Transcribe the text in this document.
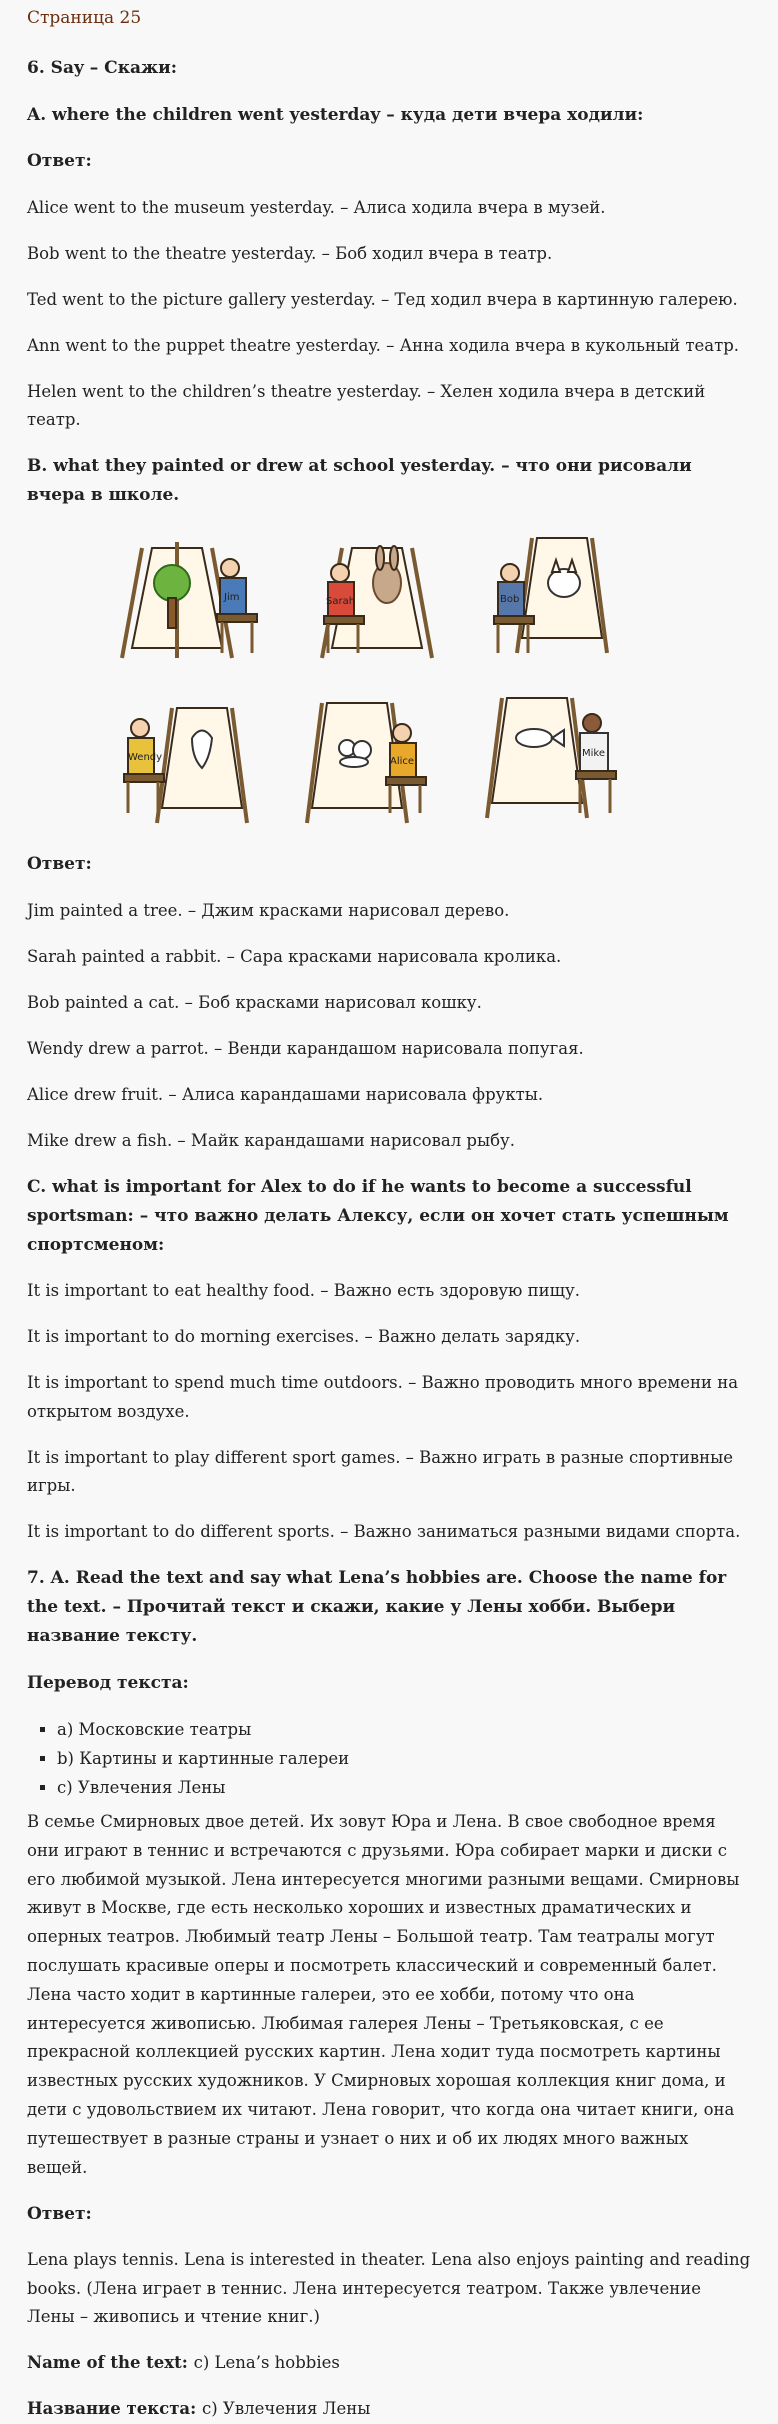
Страница 25

6. Say – Скажи:

A. where the children went yesterday – куда дети вчера ходили:

Ответ:

Alice went to the museum yesterday. – Алиса ходила вчера в музей.

Bob went to the theatre yesterday. – Боб ходил вчера в театр.

Ted went to the picture gallery yesterday. – Тед ходил вчера в картинную галерею.

Ann went to the puppet theatre yesterday. – Анна ходила вчера в кукольный театр.

Helen went to the children’s theatre yesterday. – Хелен ходила вчера в детский театр.

B. what they painted or drew at school yesterday. – что они рисовали вчера в школе.

Jim	Sarah	Bob
Wendy	Alice
Mike

Ответ:

Jim painted a tree. – Джим красками нарисовал дерево.

Sarah painted a rabbit. – Сара красками нарисовала кролика.

Bob painted a cat. – Боб красками нарисовал кошку.

Wendy drew a parrot. – Венди карандашом нарисовала попугая.

Alice drew fruit. – Алиса карандашами нарисовала фрукты.

Mike drew a fish. – Майк карандашами нарисовал рыбу.

C. what is important for Alex to do if he wants to become a successful sportsman: – что важно делать Алексу, если он хочет стать успешным спортсменом:

It is important to eat healthy food. – Важно есть здоровую пищу.

It is important to do morning exercises. – Важно делать зарядку.

It is important to spend much time outdoors. – Важно проводить много времени на открытом воздухе.

It is important to play different sport games. – Важно играть в разные спортивные игры.

It is important to do different sports. – Важно заниматься разными видами спорта.

7. A. Read the text and say what Lena’s hobbies are. Choose the name for the text. – Прочитай текст и скажи, какие у Лены хобби. Выбери название тексту.

Перевод текста:

▪ a) Московские театры
▪ b) Картины и картинные галереи
▪ c) Увлечения Лены

В семье Смирновых двое детей. Их зовут Юра и Лена. В свое свободное время они играют в теннис и встречаются с друзьями. Юра собирает марки и диски с его любимой музыкой. Лена интересуется многими разными вещами. Смирновы живут в Москве, где есть несколько хороших и известных драматических и оперных театров. Любимый театр Лены – Большой театр. Там театралы могут послушать красивые оперы и посмотреть классический и современный балет.

Лена часто ходит в картинные галереи, это ее хобби, потому что она интересуется живописью. Любимая галерея Лены – Третьяковская, с ее прекрасной коллекцией русских картин. Лена ходит туда посмотреть картины известных русских художников. У Смирновых хорошая коллекция книг дома, и дети с удовольствием их читают. Лена говорит, что когда она читает книги, она путешествует в разные страны и узнает о них и об их людях много важных вещей.

Ответ:

Lena plays tennis. Lena is interested in theater. Lena also enjoys painting and reading books. (Лена играет в теннис. Лена интересуется театром. Также увлечение Лены – живопись и чтение книг.)

Name of the text: c) Lena’s hobbies

Название текста: c) Увлечения Лены
